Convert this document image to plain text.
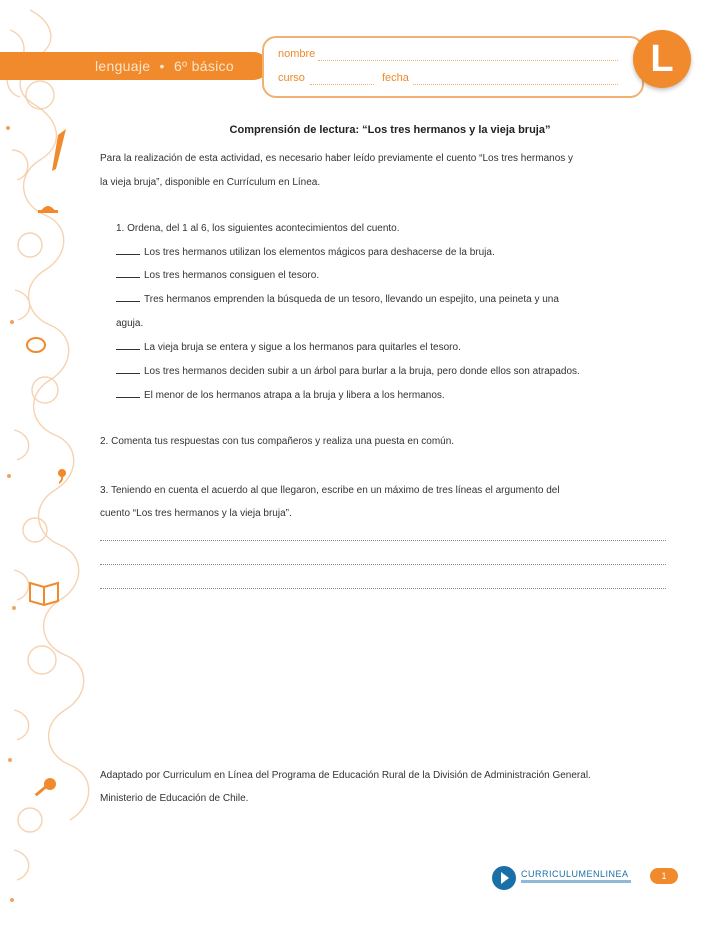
lenguaje • 6º básico
nombre
curso	fecha	L
Comprensión de lectura: “Los tres hermanos y la vieja bruja”
Para la realización de esta actividad, es necesario haber leído previamente el cuento “Los tres hermanos y
la vieja bruja”, disponible en Currículum en Línea.
1. Ordena, del 1 al 6, los siguientes acontecimientos del cuento.
Los tres hermanos utilizan los elementos mágicos para deshacerse de la bruja.
Los tres hermanos consiguen el tesoro.
Tres hermanos emprenden la búsqueda de un tesoro, llevando un espejito, una peineta y una
aguja.
La vieja bruja se entera y sigue a los hermanos para quitarles el tesoro.
Los tres hermanos deciden subir a un árbol para burlar a la bruja, pero donde ellos son atrapados.
El menor de los hermanos atrapa a la bruja y libera a los hermanos.
2. Comenta tus respuestas con tus compañeros y realiza una puesta en común.
3. Teniendo en cuenta el acuerdo al que llegaron, escribe en un máximo de tres líneas el argumento del
cuento “Los tres hermanos y la vieja bruja”.
Adaptado por Curriculum en Línea del Programa de Educación Rural de la División de Administración General.
Ministerio de Educación de Chile.
CURRICULUMENLINEA	1
